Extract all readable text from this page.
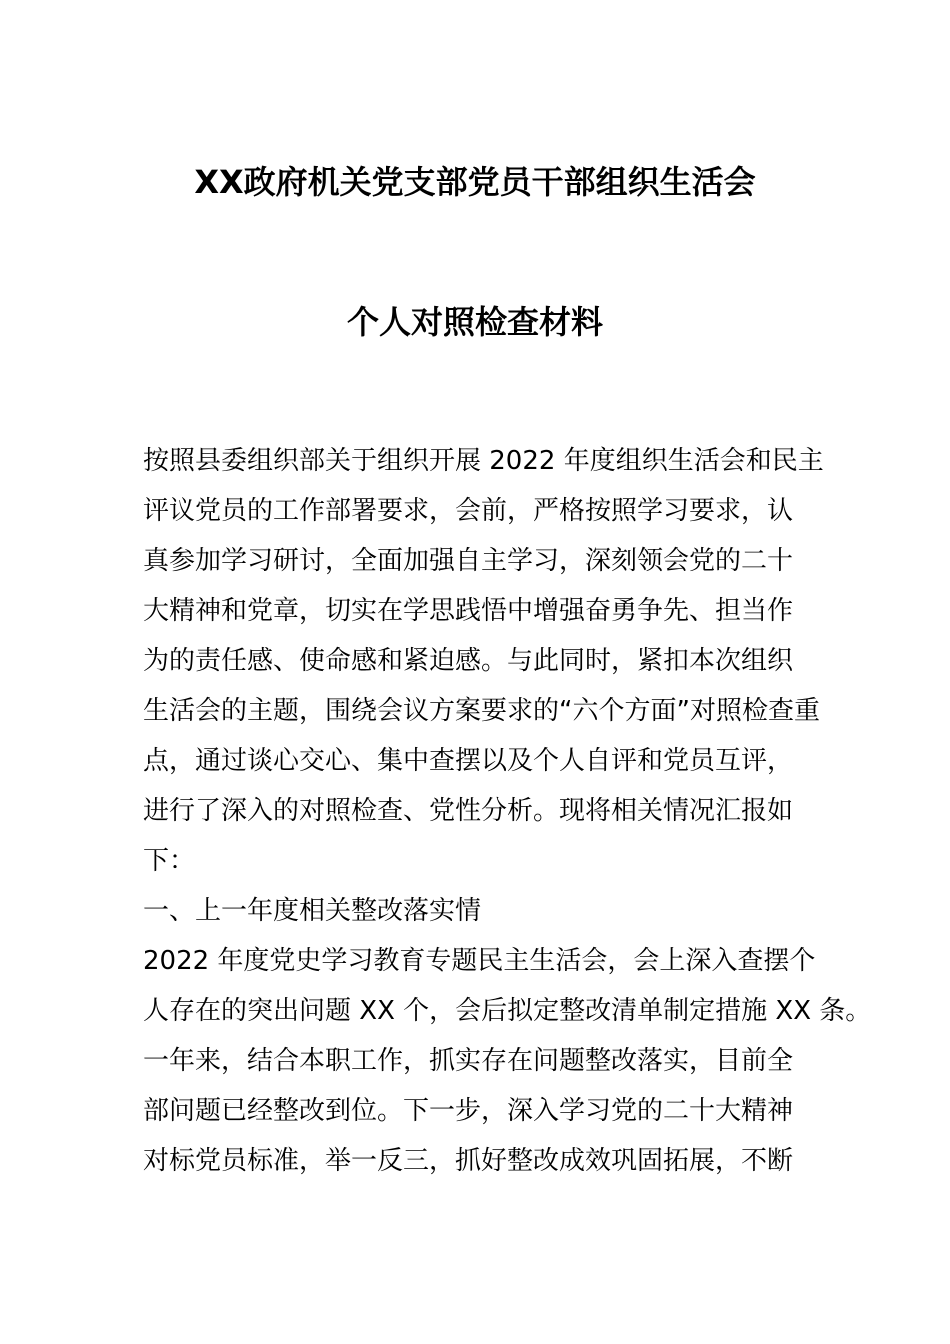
XX政府机关党支部党员干部组织生活会
个人对照检查材料
按照县委组织部关于组织开展 2022 年度组织生活会和民主
评议党员的工作部署要求，会前，严格按照学习要求，认
真参加学习研讨，全面加强自主学习，深刻领会党的二十
大精神和党章，切实在学思践悟中增强奋勇争先、担当作
为的责任感、使命感和紧迫感。与此同时，紧扣本次组织
生活会的主题，围绕会议方案要求的“六个方面”对照检查重
点，通过谈心交心、集中查摆以及个人自评和党员互评，
进行了深入的对照检查、党性分析。现将相关情况汇报如
下：
一、上一年度相关整改落实情
2022 年度党史学习教育专题民主生活会，会上深入查摆个
人存在的突出问题 XX 个，会后拟定整改清单制定措施 XX 条。
一年来，结合本职工作，抓实存在问题整改落实，目前全
部问题已经整改到位。下一步，深入学习党的二十大精神
对标党员标准，举一反三，抓好整改成效巩固拓展，不断
